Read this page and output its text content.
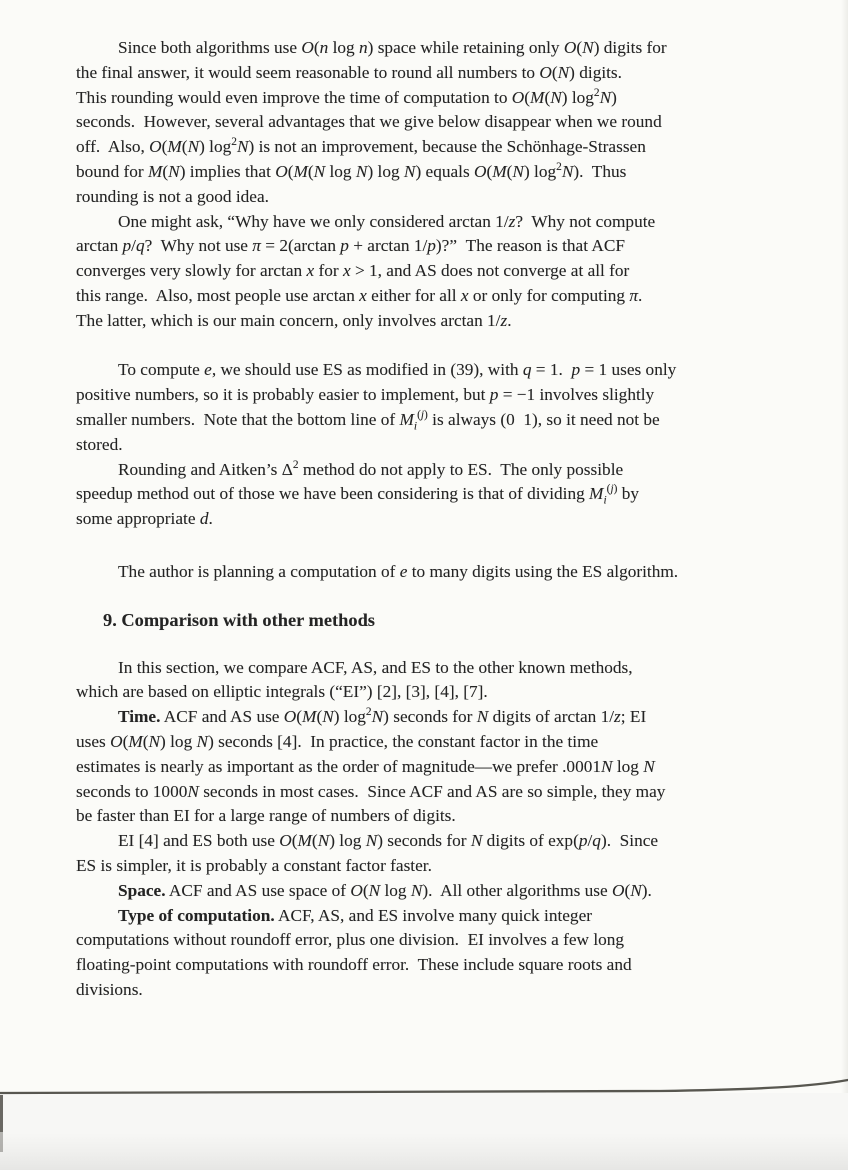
Since both algorithms use O(n log n) space while retaining only O(N) digits for
the final answer, it would seem reasonable to round all numbers to O(N) digits.
This rounding would even improve the time of computation to O(M(N) $\log^2N$)
seconds.  However, several advantages that we give below disappear when we round
off.  Also, O(M(N) $\log^2N$) is not an improvement, because the Schönhage-Strassen
bound for M(N) implies that O(M(N log N) log N) equals O(M(N) $\log^2N$).  Thus
rounding is not a good idea.

One might ask, “Why have we only considered arctan 1/z?  Why not compute
arctan p/q?  Why not use π = 2(arctan p + arctan 1/p)?”  The reason is that ACF
converges very slowly for arctan x for x > 1, and AS does not converge at all for
this range.  Also, most people use arctan x either for all x or only for computing π.
The latter, which is our main concern, only involves arctan 1/z.

To compute e, we should use ES as modified in (39), with q = 1.  p = 1 uses only
positive numbers, so it is probably easier to implement, but p = −1 involves slightly
smaller numbers.  Note that the bottom line of $M_i^{(j)}$ is always (0  1), so it need not be
stored.

Rounding and Aitken’s $\Delta^2$ method do not apply to ES.  The only possible
speedup method out of those we have been considering is that of dividing $M_i^{(j)}$ by
some appropriate d.

The author is planning a computation of e to many digits using the ES algorithm.

9. Comparison with other methods

In this section, we compare ACF, AS, and ES to the other known methods,
which are based on elliptic integrals (“EI”) [2], [3], [4], [7].

Time. ACF and AS use O(M(N) $\log^2N$) seconds for N digits of arctan 1/z; EI
uses O(M(N) log N) seconds [4].  In practice, the constant factor in the time
estimates is nearly as important as the order of magnitude—we prefer .0001N log N
seconds to 1000N seconds in most cases.  Since ACF and AS are so simple, they may
be faster than EI for a large range of numbers of digits.

EI [4] and ES both use O(M(N) log N) seconds for N digits of exp(p/q).  Since
ES is simpler, it is probably a constant factor faster.

Space. ACF and AS use space of O(N log N).  All other algorithms use O(N).

Type of computation. ACF, AS, and ES involve many quick integer
computations without roundoff error, plus one division.  EI involves a few long
floating-point computations with roundoff error.  These include square roots and
divisions.
